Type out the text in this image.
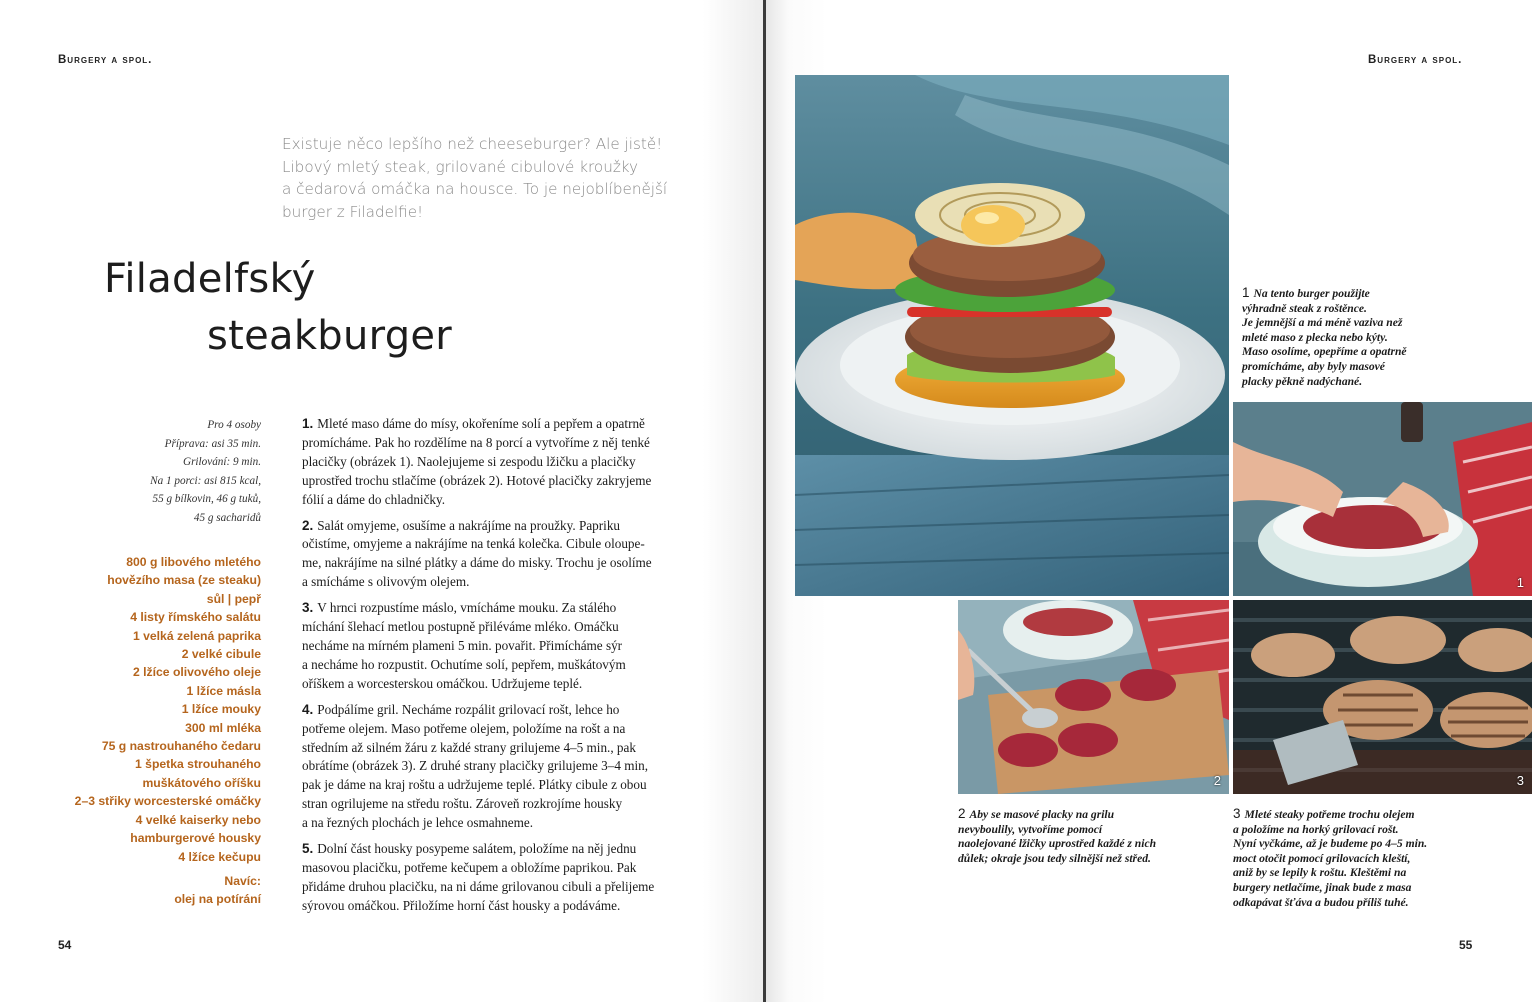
Burgery a spol.	Burgery a spol.
Existuje něco lepšího než cheeseburger? Ale jistě!
Libový mletý steak, grilované cibulové kroužky
a čedarová omáčka na housce. To je nejoblíbenější
burger z Filadelfie!
Filadelfský
steakburger
Pro 4 osoby
Příprava: asi 35 min.
Grilování: 9 min.
Na 1 porci: asi 815 kcal,
55 g bílkovin, 46 g tuků,
45 g sacharidů
800 g libového mletého
hovězího masa (ze steaku)
sůl | pepř
4 listy římského salátu
1 velká zelená paprika
2 velké cibule
2 lžíce olivového oleje
1 lžíce másla
1 lžíce mouky
300 ml mléka
75 g nastrouhaného čedaru
1 špetka strouhaného
muškátového oříšku
2–3 střiky worcesterské omáčky
4 velké kaiserky nebo
hamburgerové housky
4 lžíce kečupu
Navíc:
olej na potírání
1. Mleté maso dáme do mísy, okořeníme solí a pepřem a opatrně
promícháme. Pak ho rozdělíme na 8 porcí a vytvoříme z něj tenké
placičky (obrázek 1). Naolejujeme si zespodu lžičku a placičky
uprostřed trochu stlačíme (obrázek 2). Hotové placičky zakryjeme
fólií a dáme do chladničky.
2. Salát omyjeme, osušíme a nakrájíme na proužky. Papriku
očistíme, omyjeme a nakrájíme na tenká kolečka. Cibule oloupe-
me, nakrájíme na silné plátky a dáme do misky. Trochu je osolíme
a smícháme s olivovým olejem.
3. V hrnci rozpustíme máslo, vmícháme mouku. Za stálého
míchání šlehací metlou postupně přiléváme mléko. Omáčku
necháme na mírném plameni 5 min. povařit. Přimícháme sýr
a necháme ho rozpustit. Ochutíme solí, pepřem, muškátovým
oříškem a worcesterskou omáčkou. Udržujeme teplé.
4. Podpálíme gril. Necháme rozpálit grilovací rošt, lehce ho
potřeme olejem. Maso potřeme olejem, položíme na rošt a na
středním až silném žáru z každé strany grilujeme 4–5 min., pak
obrátíme (obrázek 3). Z druhé strany placičky grilujeme 3–4 min,
pak je dáme na kraj roštu a udržujeme teplé. Plátky cibule z obou
stran ogrilujeme na středu roštu. Zároveň rozkrojíme housky
a na řezných plochách je lehce osmahneme.
5. Dolní část housky posypeme salátem, položíme na něj jednu
masovou placičku, potřeme kečupem a obložíme paprikou. Pak
přidáme druhou placičku, na ni dáme grilovanou cibuli a přelijeme
sýrovou omáčkou. Přiložíme horní část housky a podáváme.
54	55
1 Na tento burger použijte
výhradně steak z roštěnce.
Je jemnější a má méně vaziva než
mleté maso z plecka nebo kýty.
Maso osolíme, opepříme a opatrně
promícháme, aby byly masové
placky pěkně nadýchané.
1
2	3
2 Aby se masové placky na grilu
nevyboulily, vytvoříme pomocí
naolejované lžičky uprostřed každé z nich
důlek; okraje jsou tedy silnější než střed.
3 Mleté steaky potřeme trochu olejem
a položíme na horký grilovací rošt.
Nyní vyčkáme, až je budeme po 4–5 min.
moct otočit pomocí grilovacích kleští,
aniž by se lepily k roštu. Kleštěmi na
burgery netlačíme, jinak bude z masa
odkapávat šťáva a budou příliš tuhé.
